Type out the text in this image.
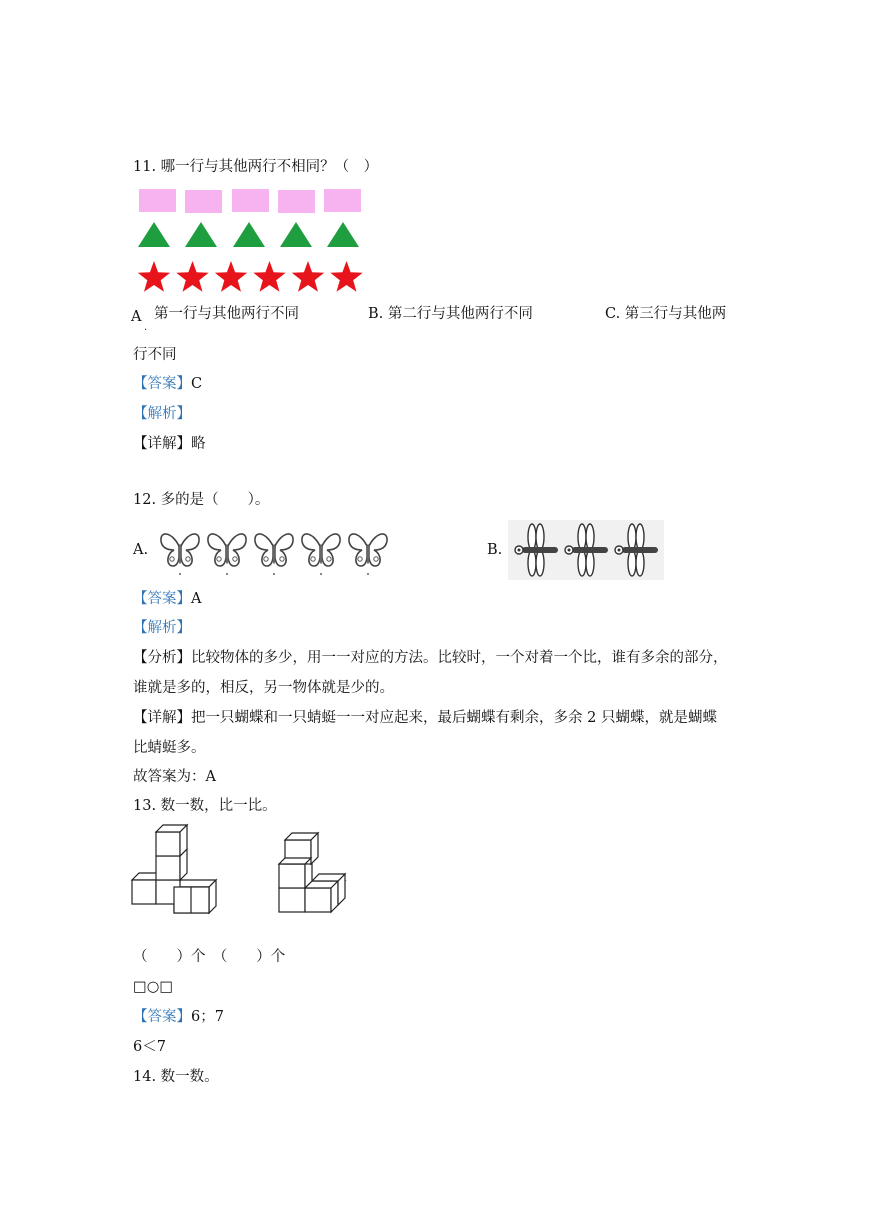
11. 哪一行与其他两行不相同？（　）
A
.
第一行与其他两行不同	B. 第二行与其他两行不同	C. 第三行与其他两
行不同
【答案】C
【解析】
【详解】略
12. 多的是（　　）。
A.	B.
【答案】A
【解析】
【分析】比较物体的多少，用一一对应的方法。比较时，一个对着一个比，谁有多余的部分，
谁就是多的，相反，另一物体就是少的。
【详解】把一只蝴蝶和一只蜻蜓一一对应起来，最后蝴蝶有剩余，多余 2 只蝴蝶，就是蝴蝶
比蜻蜓多。
故答案为：A
13. 数一数，比一比。
（　　）个　（　　）个
□○□
【答案】6；7
6＜7
14. 数一数。
